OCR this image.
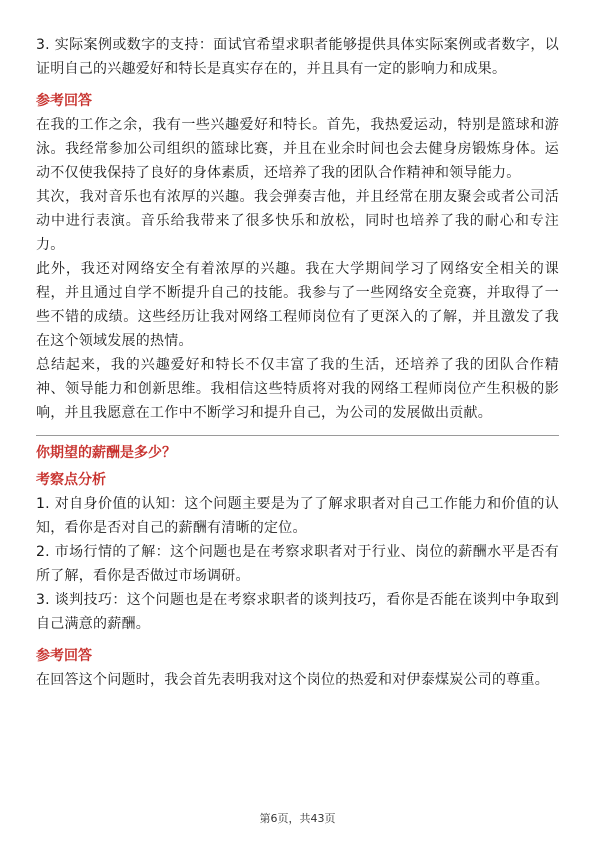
3. 实际案例或数字的支持：面试官希望求职者能够提供具体实际案例或者数字，以证明自己的兴趣爱好和特长是真实存在的，并且具有一定的影响力和成果。

参考回答

在我的工作之余，我有一些兴趣爱好和特长。首先，我热爱运动，特别是篮球和游泳。我经常参加公司组织的篮球比赛，并且在业余时间也会去健身房锻炼身体。运动不仅使我保持了良好的身体素质，还培养了我的团队合作精神和领导能力。

其次，我对音乐也有浓厚的兴趣。我会弹奏吉他，并且经常在朋友聚会或者公司活动中进行表演。音乐给我带来了很多快乐和放松，同时也培养了我的耐心和专注力。

此外，我还对网络安全有着浓厚的兴趣。我在大学期间学习了网络安全相关的课程，并且通过自学不断提升自己的技能。我参与了一些网络安全竞赛，并取得了一些不错的成绩。这些经历让我对网络工程师岗位有了更深入的了解，并且激发了我在这个领域发展的热情。

总结起来，我的兴趣爱好和特长不仅丰富了我的生活，还培养了我的团队合作精神、领导能力和创新思维。我相信这些特质将对我的网络工程师岗位产生积极的影响，并且我愿意在工作中不断学习和提升自己，为公司的发展做出贡献。

你期望的薪酬是多少？

考察点分析

1. 对自身价值的认知：这个问题主要是为了了解求职者对自己工作能力和价值的认知，看你是否对自己的薪酬有清晰的定位。

2. 市场行情的了解：这个问题也是在考察求职者对于行业、岗位的薪酬水平是否有所了解，看你是否做过市场调研。

3. 谈判技巧：这个问题也是在考察求职者的谈判技巧，看你是否能在谈判中争取到自己满意的薪酬。

参考回答

在回答这个问题时，我会首先表明我对这个岗位的热爱和对伊泰煤炭公司的尊重。

第6页，共43页
